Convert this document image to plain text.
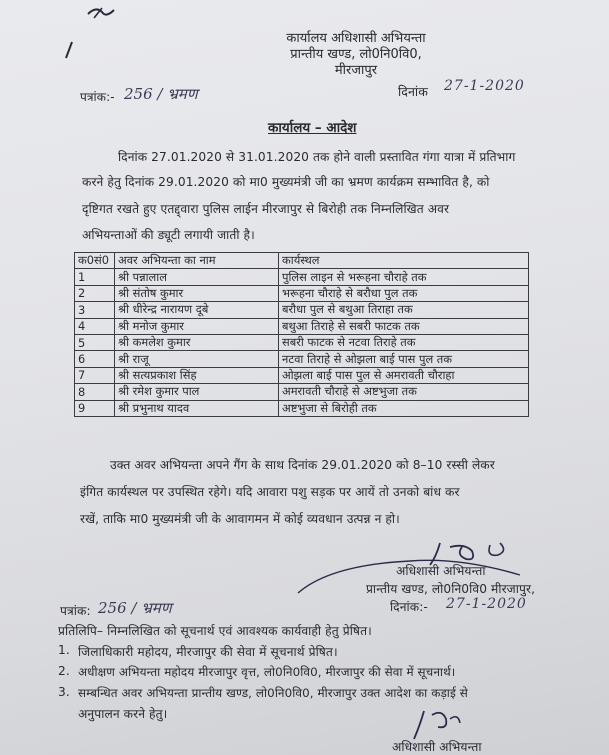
कार्यालय अधिशासी अभियन्ता
प्रान्तीय खण्ड, लो0नि0वि0,
मीरजापुर
पत्रांक:- 256 / भ्रमण	दिनांक 27-1-2020
कार्यालय – आदेश
दिनांक 27.01.2020 से 31.01.2020 तक होने वाली प्रस्तावित गंगा यात्रा में प्रतिभाग
करने हेतु दिनांक 29.01.2020 को मा0 मुख्यमंत्री जी का भ्रमण कार्यक्रम सम्भावित है, को
दृष्टिगत रखते हुए एतद्द्वारा पुलिस लाईन मीरजापुर से बिरोही तक निम्नलिखित अवर
अभियन्ताओं की ड्यूटी लगायी जाती है।
क0सं0	अवर अभियन्ता का नाम	कार्यस्थल
1	श्री पन्नालाल	पुलिस लाइन से भरूहना चौराहे तक
2	श्री संतोष कुमार	भरूहना चौराहे से बरौधा पुल तक
3	श्री धीरेन्द्र नारायण दूबे	बरौधा पुल से बथुआ तिराहा तक
4	श्री मनोज कुमार	बथुआ तिराहे से सबरी फाटक तक
5	श्री कमलेश कुमार	सबरी फाटक से नटवा तिराहे तक
6	श्री राजू	नटवा तिराहे से ओझला बाई पास पुल तक
7	श्री सत्यप्रकाश सिंह	ओझला बाई पास पुल से अमरावती चौराहा
8	श्री रमेश कुमार पाल	अमरावती चौराहे से अष्टभुजा तक
9	श्री प्रभुनाथ यादव	अष्टभुजा से बिरोही तक
उक्त अवर अभियन्ता अपने गैंग के साथ दिनांक 29.01.2020 को 8–10 रस्सी लेकर
इंगित कार्यस्थल पर उपस्थित रहेगे। यदि आवारा पशु सड़क पर आयें तो उनको बांध कर
रखें, ताकि मा0 मुख्यमंत्री जी के आवागमन में कोई व्यवधान उत्पन्न न हो।
अधिशासी अभियन्ता
प्रान्तीय खण्ड, लो0नि0वि0 मीरजापुर,
दिनांक:- 27-1-2020
पत्रांक: 256 / भ्रमण
प्रतिलिपि– निम्नलिखित को सूचनार्थ एवं आवश्यक कार्यवाही हेतु प्रेषित।
1. जिलाधिकारी महोदय, मीरजापुर की सेवा में सूचनार्थ प्रेषित।
2. अधीक्षण अभियन्ता महोदय मीरजापुर वृत्त, लो0नि0वि0, मीरजापुर की सेवा में सूचनार्थ।
3. सम्बन्धित अवर अभियन्ता प्रान्तीय खण्ड, लो0नि0वि0, मीरजापुर उक्त आदेश का कड़ाई से
अनुपालन करने हेतु।
अधिशासी अभियन्ता
